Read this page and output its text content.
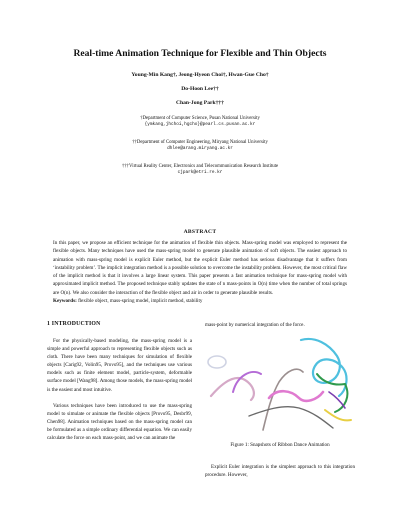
Real-time Animation Technique for Flexible and Thin Objects
Young-Min Kang†, Jeong-Hyeon Choi†, Hwan-Gue Cho†
Do-Hoon Lee††
Chan-Jong Park†††
†Department of Computer Science, Pusan National University
{ymkang,jhchoi,hgcho}@pearl.cs.pusan.ac.kr
††Department of Computer Engineering, Miryang National University
dhlee@arang.miryang.ac.kr
†††Virtual Reality Center, Electronics and Telecommunication Research Institute
cjpark@etri.re.kr
ABSTRACT

In this paper, we propose an efficient technique for the animation of flexible thin objects. Mass-spring model was employed to represent the flexible objects. Many techniques have used the mass-spring model to generate plausible animation of soft objects. The easiest approach to animation with mass-spring model is explicit Euler method, but the explicit Euler method has serious disadvantage that it suffers from ‘instability problem’. The implicit integration method is a possible solution to overcome the instability problem. However, the most critical flaw of the implicit method is that it involves a large linear system. This paper presents a fast animation technique for mass-spring model with approximated implicit method. The proposed technique stably updates the state of n mass-points in O(n) time when the number of total springs are O(n). We also consider the interaction of the flexible object and air in order to generate plausible results.

Keywords: flexible object, mass-spring model, implicit method, stability
1 INTRODUCTION

For the physically-based modeling, the mass-spring model is a simple and powerful approach to representing flexible objects such as cloth. There have been many techniques for simulation of flexible objects [Carig92, Volin95, Provo95], and the techniques use various models such as finite element model, particle-system, deformable surface model [Wang98]. Among those models, the mass-spring model is the easiest and most intuitive.

Various techniques have been introduced to use the mass-spring model to simulate or animate the flexible objects [Provo95, Desbr99, Chen98]. Animation techniques based on the mass-spring model can be formulated as a simple ordinary differential equation. We can easily calculate the force on each mass-point, and we can animate the

mass-point by numerical integration of the force.
Figure 1: Snapshots of Ribbon Dance Animation
Explicit Euler integration is the simplest approach to this integration procedure. However,
